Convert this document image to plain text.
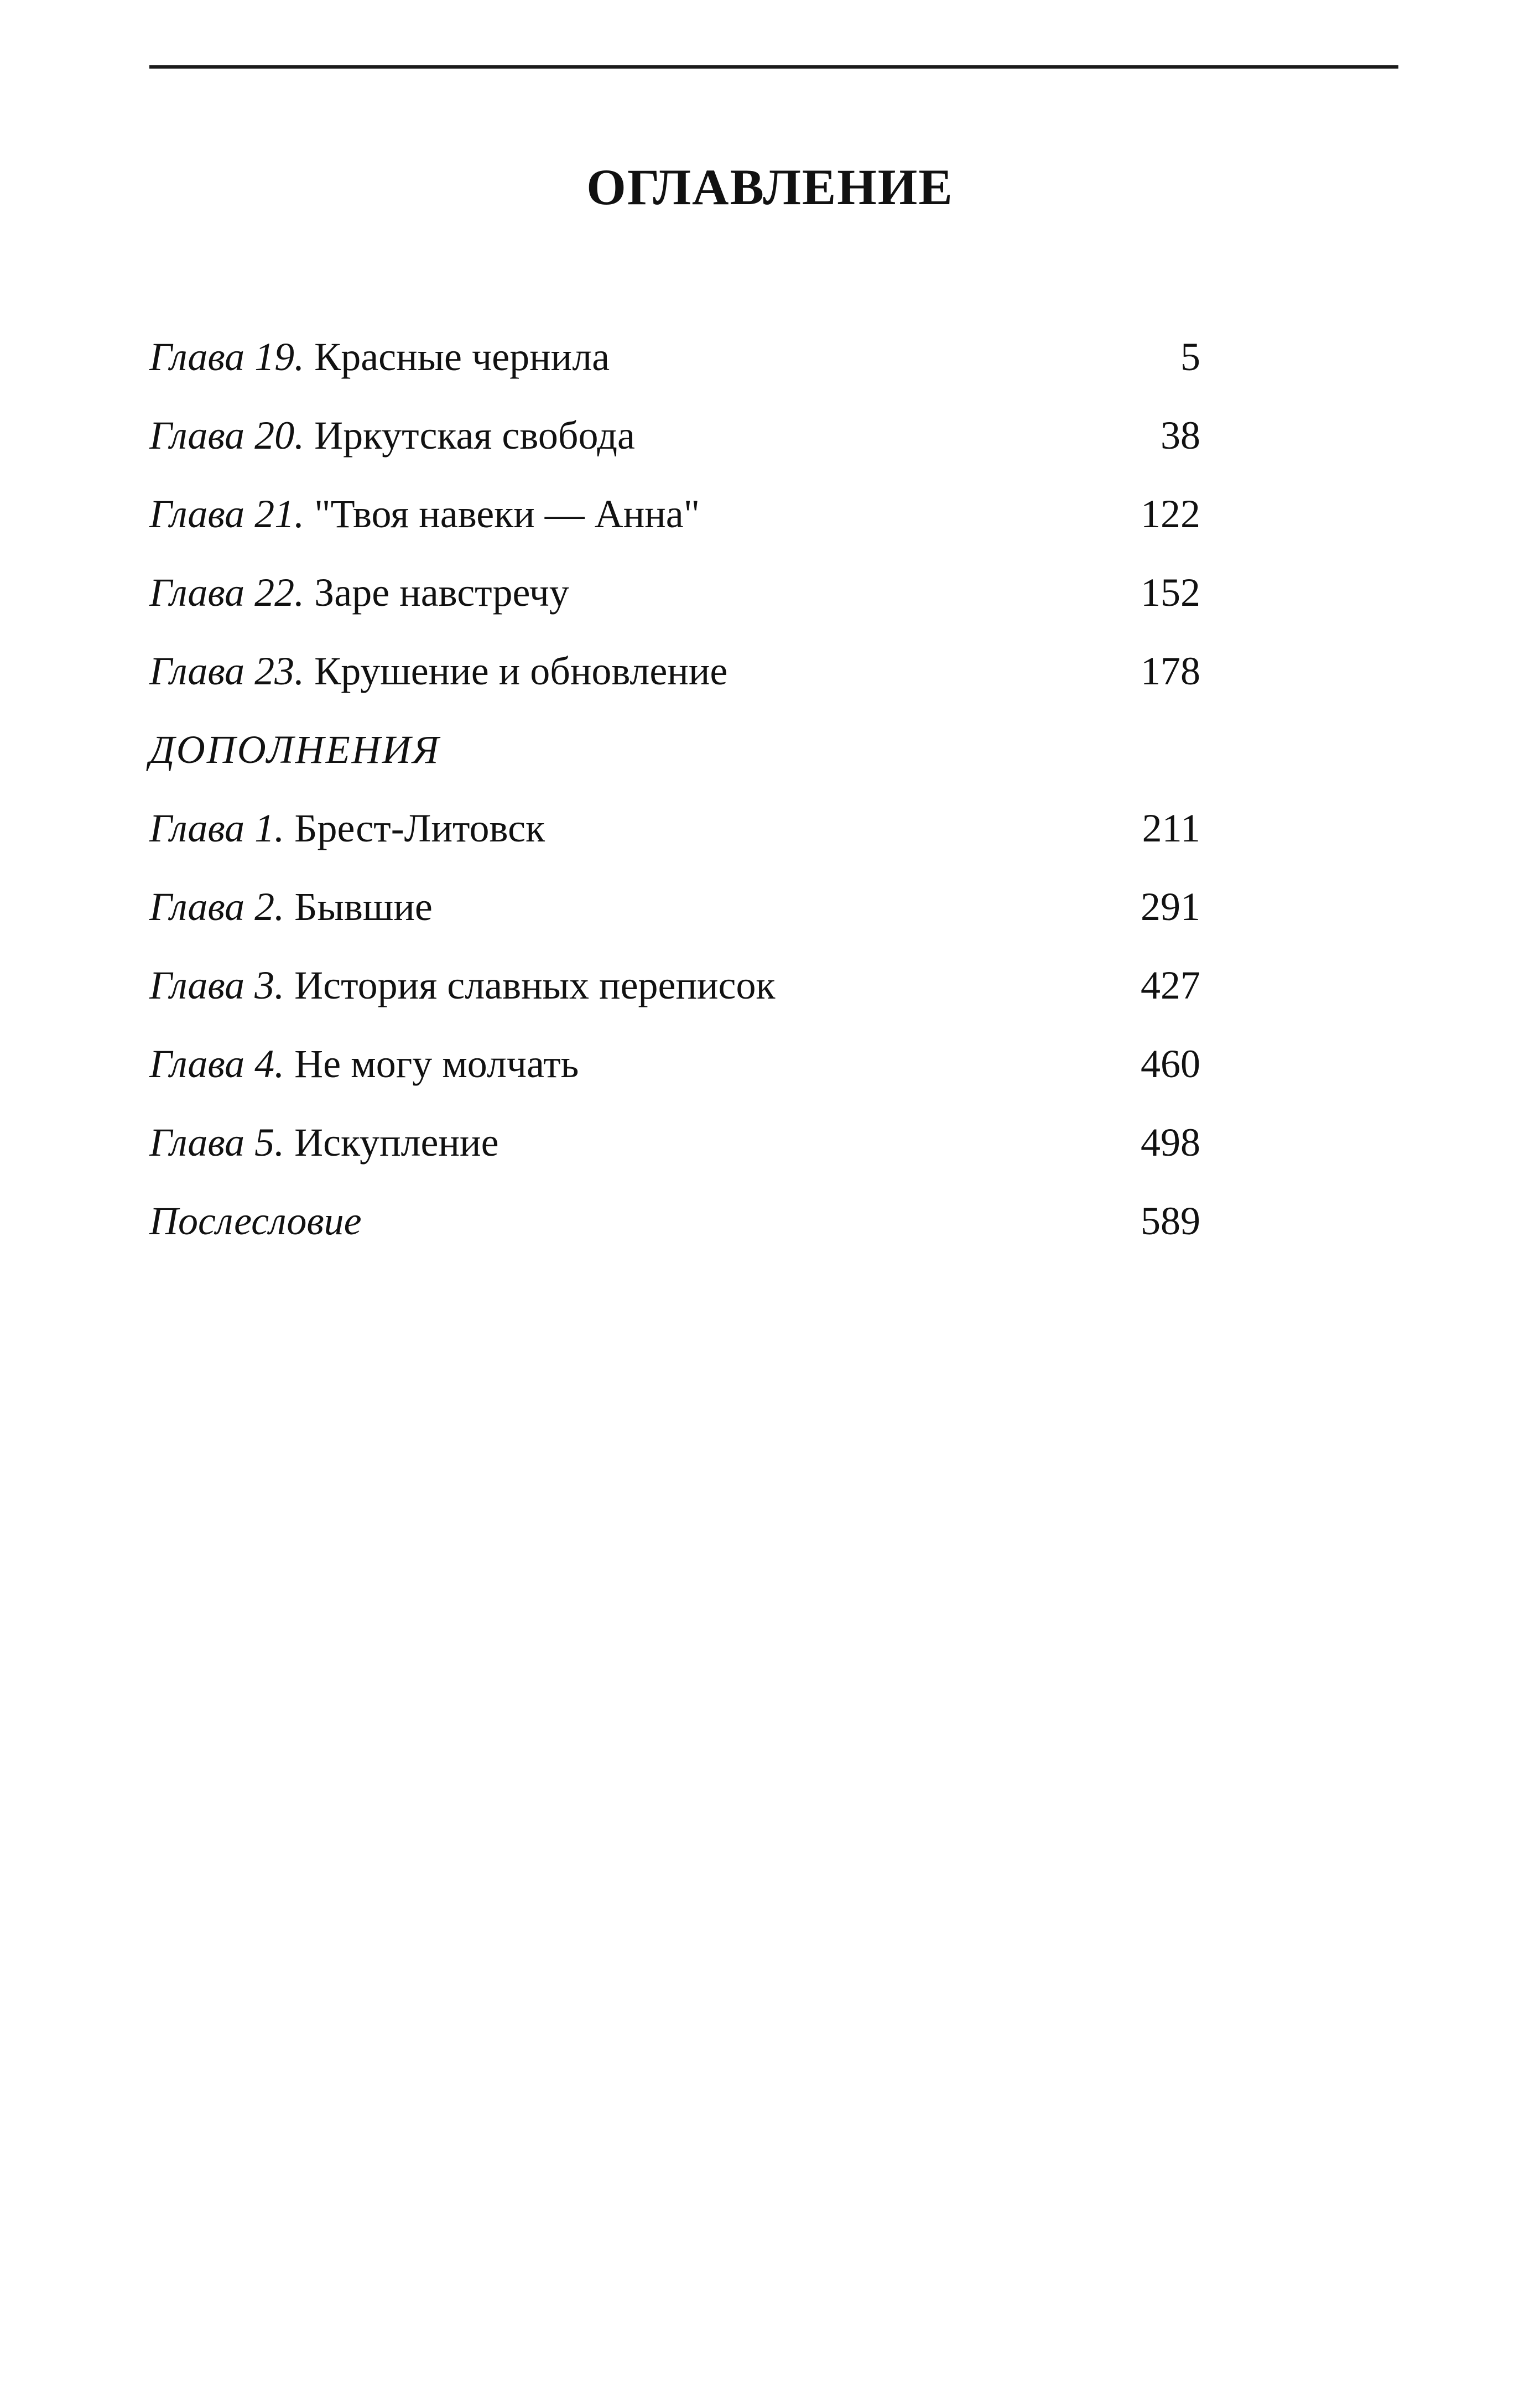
ОГЛАВЛЕНИЕ
Глава 19. Красные чернила	5
Глава 20. Иркутская свобода	38
Глава 21. "Твоя навеки — Анна"	122
Глава 22. Заре навстречу	152
Глава 23. Крушение и обновление	178
ДОПОЛНЕНИЯ
Глава 1. Брест-Литовск	211
Глава 2. Бывшие	291
Глава 3. История славных переписок	427
Глава 4. Не могу молчать	460
Глава 5. Искупление	498
Послесловие	589
